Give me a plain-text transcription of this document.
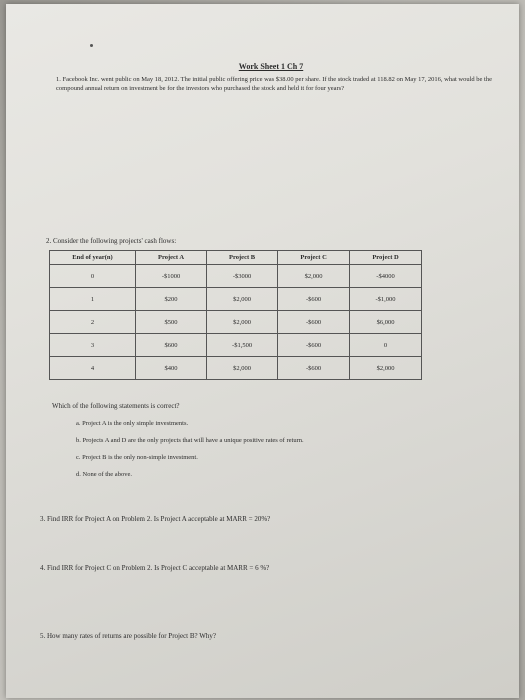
Work Sheet 1 Ch 7
1. Facebook Inc. went public on May 18, 2012. The initial public offering price was $38.00 per share. If the stock traded at 118.82 on May 17, 2016, what would be the compound annual return on investment be for the investors who purchased the stock and held it for four years?
2. Consider the following projects' cash flows:
End of year(n)	Project A	Project B	Project C	Project D
0	-$1000	-$3000	$2,000	-$4000
1	$200	$2,000	-$600	-$1,000
2	$500	$2,000	-$600	$6,000
3	$600	-$1,500	-$600	0
4	$400	$2,000	-$600	$2,000
Which of the following statements is correct?
a. Project A is the only simple investments.
b. Projects A and D are the only projects that will have a unique positive rates of return.
c. Project B is the only non-simple investment.
d. None of the above.
3. Find IRR for Project A on Problem 2. Is Project A acceptable at MARR = 20%?
4. Find IRR for Project C on Problem 2. Is Project C acceptable at MARR = 6 %?
5. How many rates of returns are possible for Project B? Why?
